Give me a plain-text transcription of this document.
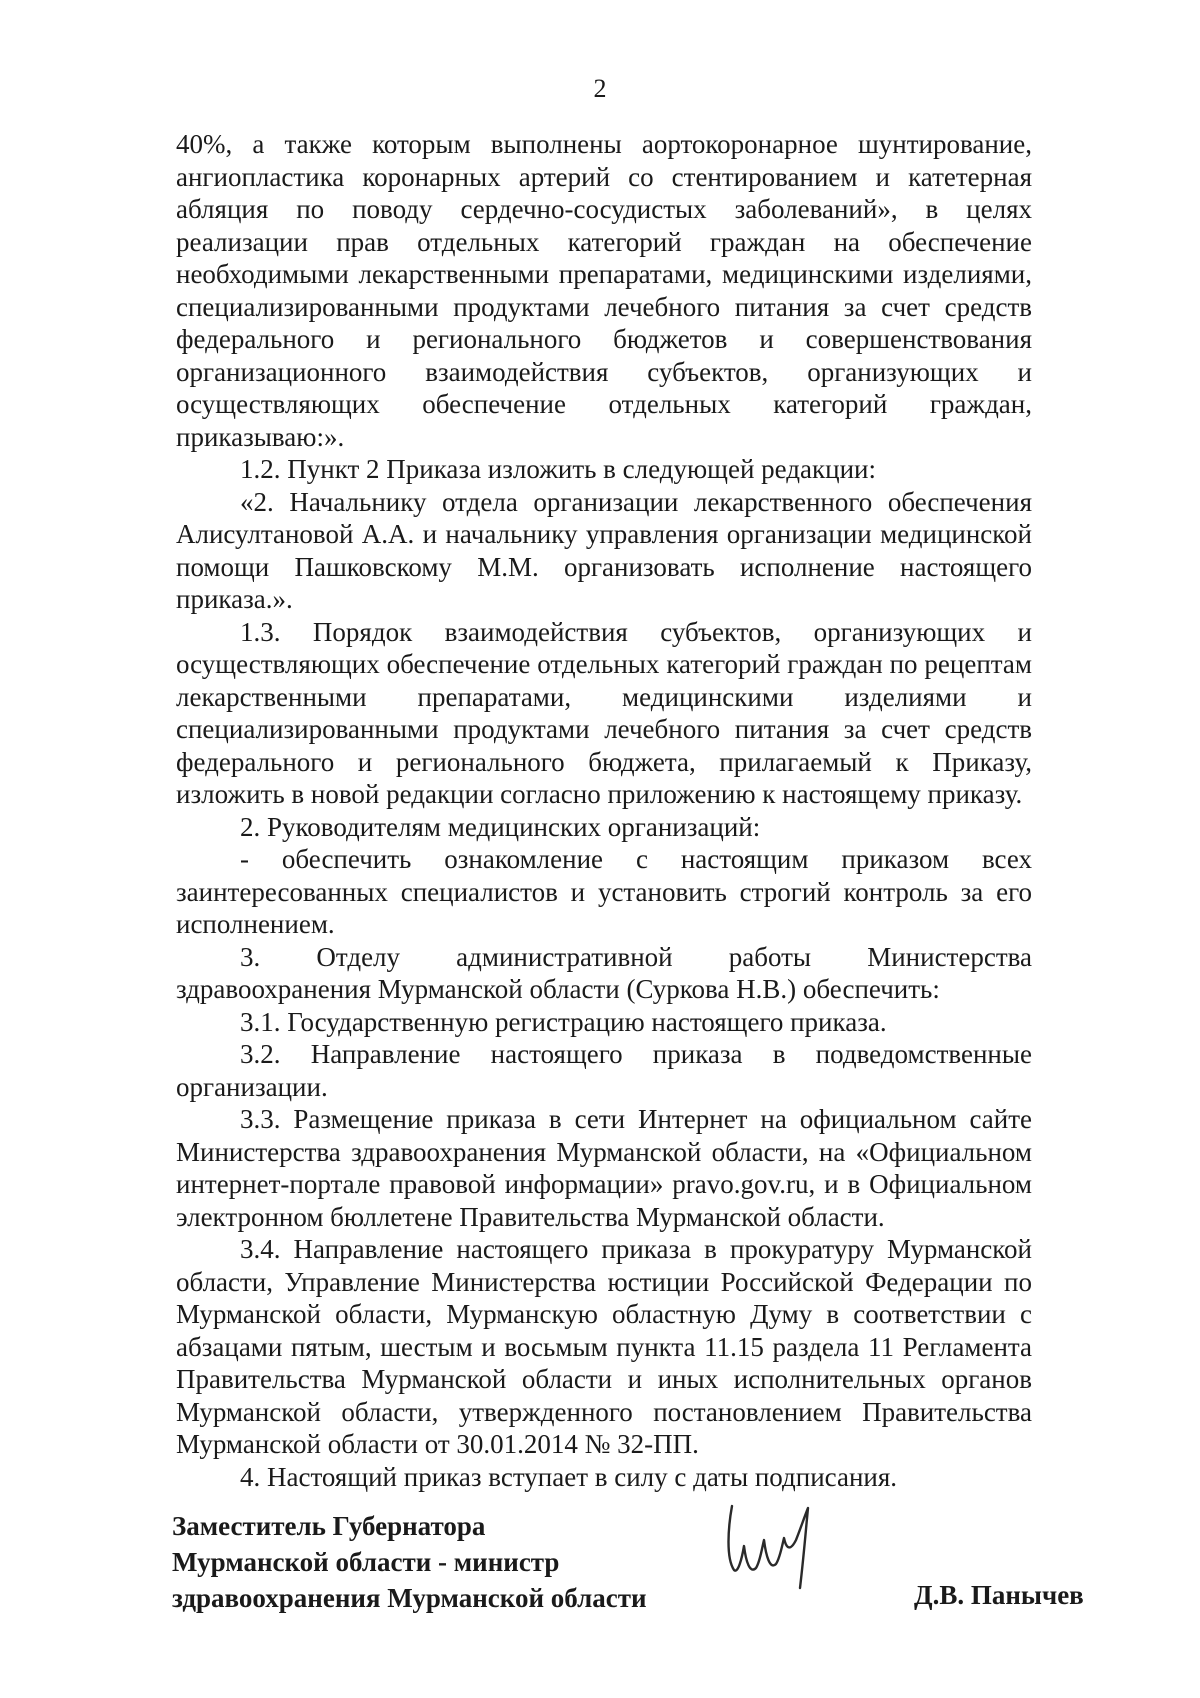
2

40%, а также которым выполнены аортокоронарное шунтирование, ангиопластика коронарных артерий со стентированием и катетерная абляция по поводу сердечно-сосудистых заболеваний», в целях реализации прав отдельных категорий граждан на обеспечение необходимыми лекарственными препаратами, медицинскими изделиями, специализированными продуктами лечебного питания за счет средств федерального и регионального бюджетов и совершенствования организационного взаимодействия субъектов, организующих и осуществляющих обеспечение отдельных категорий граждан, приказываю:».

1.2. Пункт 2 Приказа изложить в следующей редакции:

«2. Начальнику отдела организации лекарственного обеспечения Алисултановой А.А. и начальнику управления организации медицинской помощи Пашковскому М.М. организовать исполнение настоящего приказа.».

1.3. Порядок взаимодействия субъектов, организующих и осуществляющих обеспечение отдельных категорий граждан по рецептам лекарственными препаратами, медицинскими изделиями и специализированными продуктами лечебного питания за счет средств федерального и регионального бюджета, прилагаемый к Приказу, изложить в новой редакции согласно приложению к настоящему приказу.

2. Руководителям медицинских организаций:

- обеспечить ознакомление с настоящим приказом всех заинтересованных специалистов и установить строгий контроль за его исполнением.

3. Отделу административной работы Министерства здравоохранения Мурманской области (Суркова Н.В.) обеспечить:

3.1. Государственную регистрацию настоящего приказа.

3.2. Направление настоящего приказа в подведомственные организации.

3.3. Размещение приказа в сети Интернет на официальном сайте Министерства здравоохранения Мурманской области, на «Официальном интернет-портале правовой информации» pravo.gov.ru, и в Официальном электронном бюллетене Правительства Мурманской области.

3.4. Направление настоящего приказа в прокуратуру Мурманской области, Управление Министерства юстиции Российской Федерации по Мурманской области, Мурманскую областную Думу в соответствии с абзацами пятым, шестым и восьмым пункта 11.15 раздела 11 Регламента Правительства Мурманской области и иных исполнительных органов Мурманской области, утвержденного постановлением Правительства Мурманской области от 30.01.2014 № 32-ПП.

4. Настоящий приказ вступает в силу с даты подписания.

Заместитель Губернатора
Мурманской области - министр
здравоохранения Мурманской области	Д.В. Панычев
